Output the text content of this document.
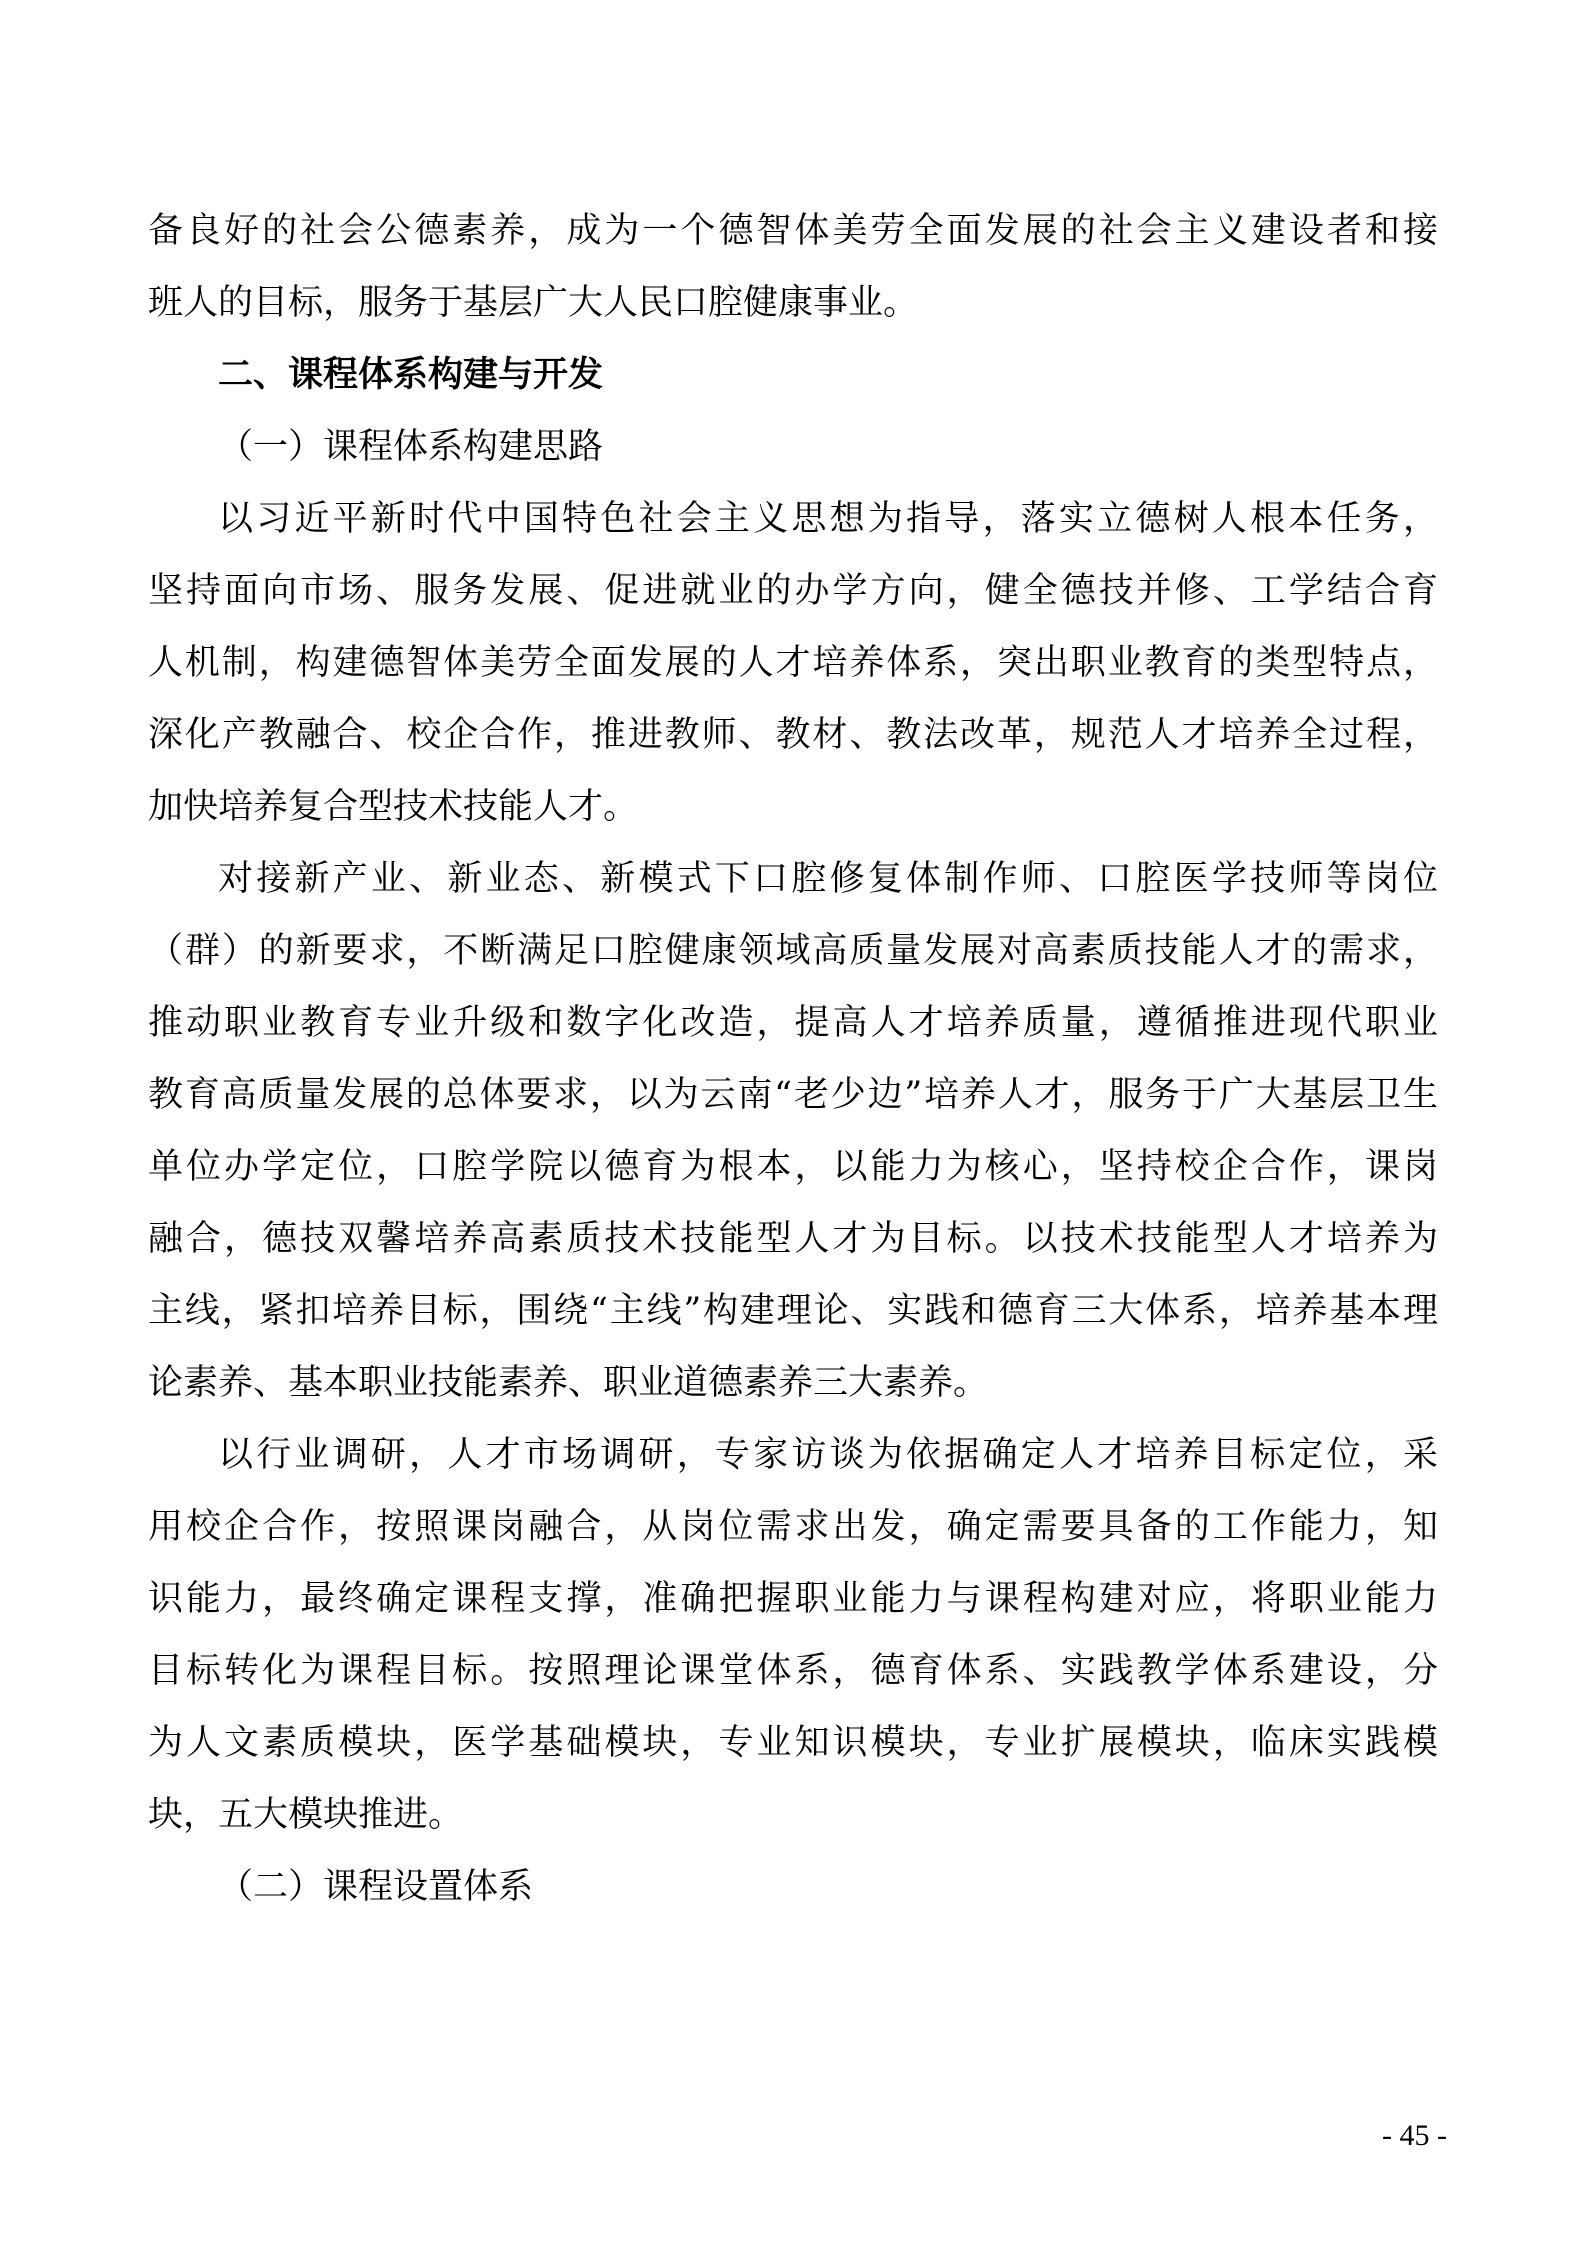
备良好的社会公德素养，成为一个德智体美劳全面发展的社会主义建设者和接
班人的目标，服务于基层广大人民口腔健康事业。
二、课程体系构建与开发
（一）课程体系构建思路
以习近平新时代中国特色社会主义思想为指导，落实立德树人根本任务，
坚持面向市场、服务发展、促进就业的办学方向，健全德技并修、工学结合育
人机制，构建德智体美劳全面发展的人才培养体系，突出职业教育的类型特点，
深化产教融合、校企合作，推进教师、教材、教法改革，规范人才培养全过程，
加快培养复合型技术技能人才。
对接新产业、新业态、新模式下口腔修复体制作师、口腔医学技师等岗位
（群）的新要求，不断满足口腔健康领域高质量发展对高素质技能人才的需求，
推动职业教育专业升级和数字化改造，提高人才培养质量，遵循推进现代职业
教育高质量发展的总体要求，以为云南“老少边”培养人才，服务于广大基层卫生
单位办学定位，口腔学院以德育为根本，以能力为核心，坚持校企合作，课岗
融合，德技双馨培养高素质技术技能型人才为目标。以技术技能型人才培养为
主线，紧扣培养目标，围绕“主线”构建理论、实践和德育三大体系，培养基本理
论素养、基本职业技能素养、职业道德素养三大素养。
以行业调研，人才市场调研，专家访谈为依据确定人才培养目标定位，采
用校企合作，按照课岗融合，从岗位需求出发，确定需要具备的工作能力，知
识能力，最终确定课程支撑，准确把握职业能力与课程构建对应，将职业能力
目标转化为课程目标。按照理论课堂体系，德育体系、实践教学体系建设，分
为人文素质模块，医学基础模块，专业知识模块，专业扩展模块，临床实践模
块，五大模块推进。
（二）课程设置体系
- 45 -
